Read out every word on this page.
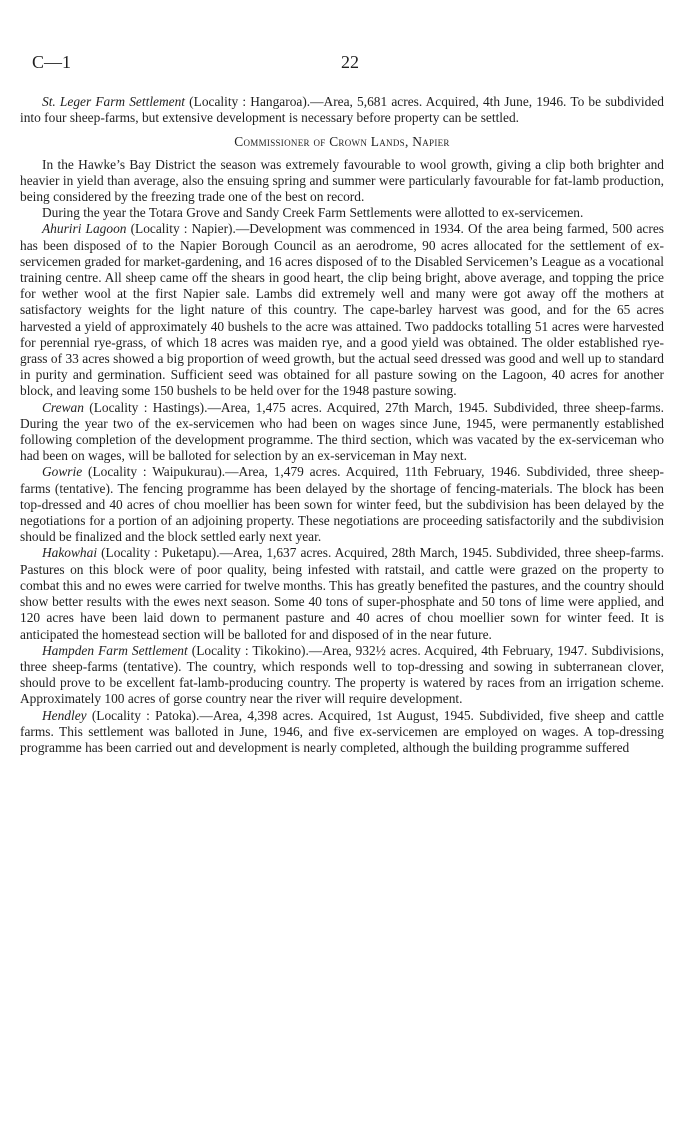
C—1	22

St. Leger Farm Settlement (Locality : Hangaroa).—Area, 5,681 acres. Acquired, 4th June, 1946. To be subdivided into four sheep-farms, but extensive development is necessary before property can be settled.

Commissioner of Crown Lands, Napier

In the Hawke’s Bay District the season was extremely favourable to wool growth, giving a clip both brighter and heavier in yield than average, also the ensuing spring and summer were particularly favourable for fat-lamb production, being considered by the freezing trade one of the best on record.

During the year the Totara Grove and Sandy Creek Farm Settlements were allotted to ex-servicemen.

Ahuriri Lagoon (Locality : Napier).—Development was commenced in 1934. Of the area being farmed, 500 acres has been disposed of to the Napier Borough Council as an aerodrome, 90 acres allocated for the settlement of ex-servicemen graded for market-gardening, and 16 acres disposed of to the Disabled Servicemen’s League as a vocational training centre. All sheep came off the shears in good heart, the clip being bright, above average, and topping the price for wether wool at the first Napier sale. Lambs did extremely well and many were got away off the mothers at satisfactory weights for the light nature of this country. The cape-barley harvest was good, and for the 65 acres harvested a yield of approximately 40 bushels to the acre was attained. Two paddocks totalling 51 acres were harvested for perennial rye-grass, of which 18 acres was maiden rye, and a good yield was obtained. The older established rye-grass of 33 acres showed a big proportion of weed growth, but the actual seed dressed was good and well up to standard in purity and germination. Sufficient seed was obtained for all pasture sowing on the Lagoon, 40 acres for another block, and leaving some 150 bushels to be held over for the 1948 pasture sowing.

Crewan (Locality : Hastings).—Area, 1,475 acres. Acquired, 27th March, 1945. Subdivided, three sheep-farms. During the year two of the ex-servicemen who had been on wages since June, 1945, were permanently established following completion of the development programme. The third section, which was vacated by the ex-serviceman who had been on wages, will be balloted for selection by an ex-serviceman in May next.

Gowrie (Locality : Waipukurau).—Area, 1,479 acres. Acquired, 11th February, 1946. Subdivided, three sheep-farms (tentative). The fencing programme has been delayed by the shortage of fencing-materials. The block has been top-dressed and 40 acres of chou moellier has been sown for winter feed, but the subdivision has been delayed by the negotiations for a portion of an adjoining property. These negotiations are proceeding satisfactorily and the subdivision should be finalized and the block settled early next year.

Hakowhai (Locality : Puketapu).—Area, 1,637 acres. Acquired, 28th March, 1945. Subdivided, three sheep-farms. Pastures on this block were of poor quality, being infested with ratstail, and cattle were grazed on the property to combat this and no ewes were carried for twelve months. This has greatly benefited the pastures, and the country should show better results with the ewes next season. Some 40 tons of super-phosphate and 50 tons of lime were applied, and 120 acres have been laid down to permanent pasture and 40 acres of chou moellier sown for winter feed. It is anticipated the homestead section will be balloted for and disposed of in the near future.

Hampden Farm Settlement (Locality : Tikokino).—Area, 932½ acres. Acquired, 4th February, 1947. Subdivisions, three sheep-farms (tentative). The country, which responds well to top-dressing and sowing in subterranean clover, should prove to be excellent fat-lamb-producing country. The property is watered by races from an irrigation scheme. Approximately 100 acres of gorse country near the river will require development.

Hendley (Locality : Patoka).—Area, 4,398 acres. Acquired, 1st August, 1945. Subdivided, five sheep and cattle farms. This settlement was balloted in June, 1946, and five ex-servicemen are employed on wages. A top-dressing programme has been carried out and development is nearly completed, although the building programme suffered
